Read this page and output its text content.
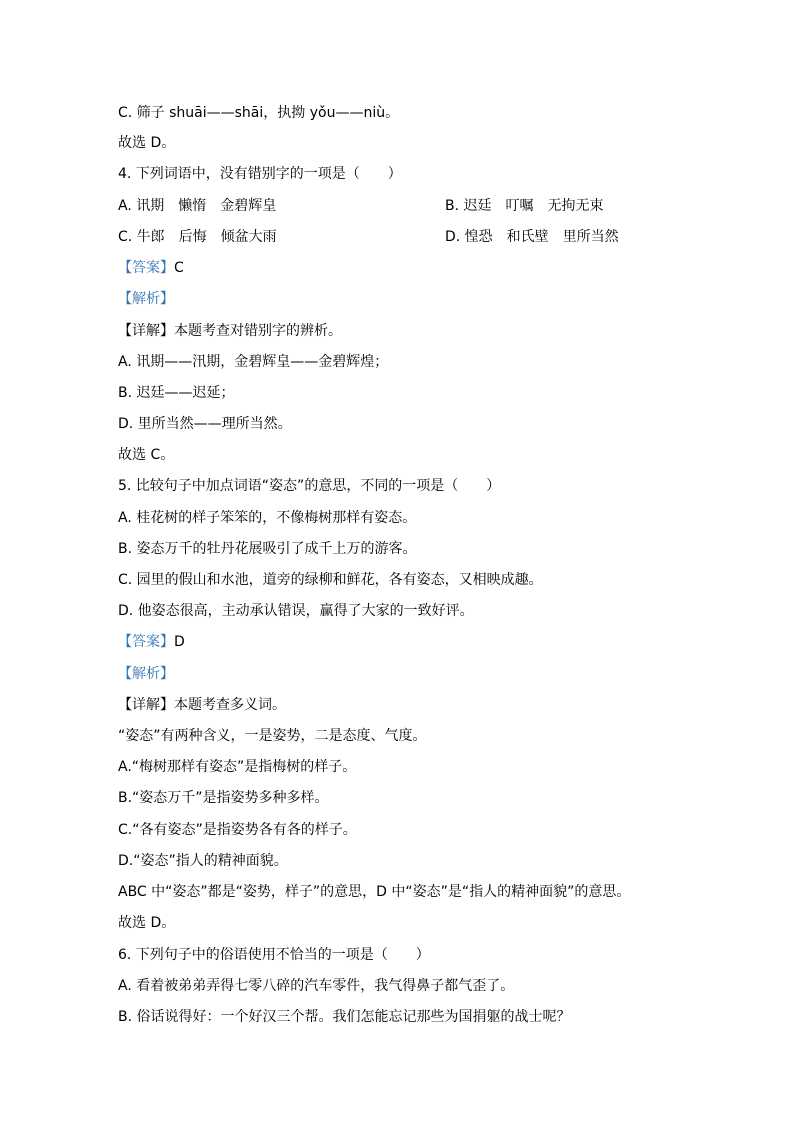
C. 筛子 shuāi——shāi，执拗 yǒu——niù。
故选 D。
4. 下列词语中，没有错别字的一项是（　　）
A. 讯期　懒惰　金碧辉皇	B. 迟廷　叮嘱　无拘无束
C. 牛郎　后悔　倾盆大雨	D. 惶恐　和氏壁　里所当然
【答案】C
【解析】
【详解】本题考查对错别字的辨析。
A. 讯期——汛期，金碧辉皇——金碧辉煌；
B. 迟廷——迟延；
D. 里所当然——理所当然。
故选 C。
5. 比较句子中加点词语“姿态”的意思，不同的一项是（　　）
A. 桂花树的样子笨笨的，不像梅树那样有姿态。
B. 姿态万千的牡丹花展吸引了成千上万的游客。
C. 园里的假山和水池，道旁的绿柳和鲜花，各有姿态，又相映成趣。
D. 他姿态很高，主动承认错误，赢得了大家的一致好评。
【答案】D
【解析】
【详解】本题考查多义词。
“姿态”有两种含义，一是姿势，二是态度、气度。
A.“梅树那样有姿态”是指梅树的样子。
B.“姿态万千”是指姿势多种多样。
C.“各有姿态”是指姿势各有各的样子。
D.“姿态”指人的精神面貌。
ABC 中“姿态”都是“姿势，样子”的意思，D 中“姿态”是“指人的精神面貌”的意思。
故选 D。
6. 下列句子中的俗语使用不恰当的一项是（　　）
A. 看着被弟弟弄得七零八碎的汽车零件，我气得鼻子都气歪了。
B. 俗话说得好：一个好汉三个帮。我们怎能忘记那些为国捐躯的战士呢？
